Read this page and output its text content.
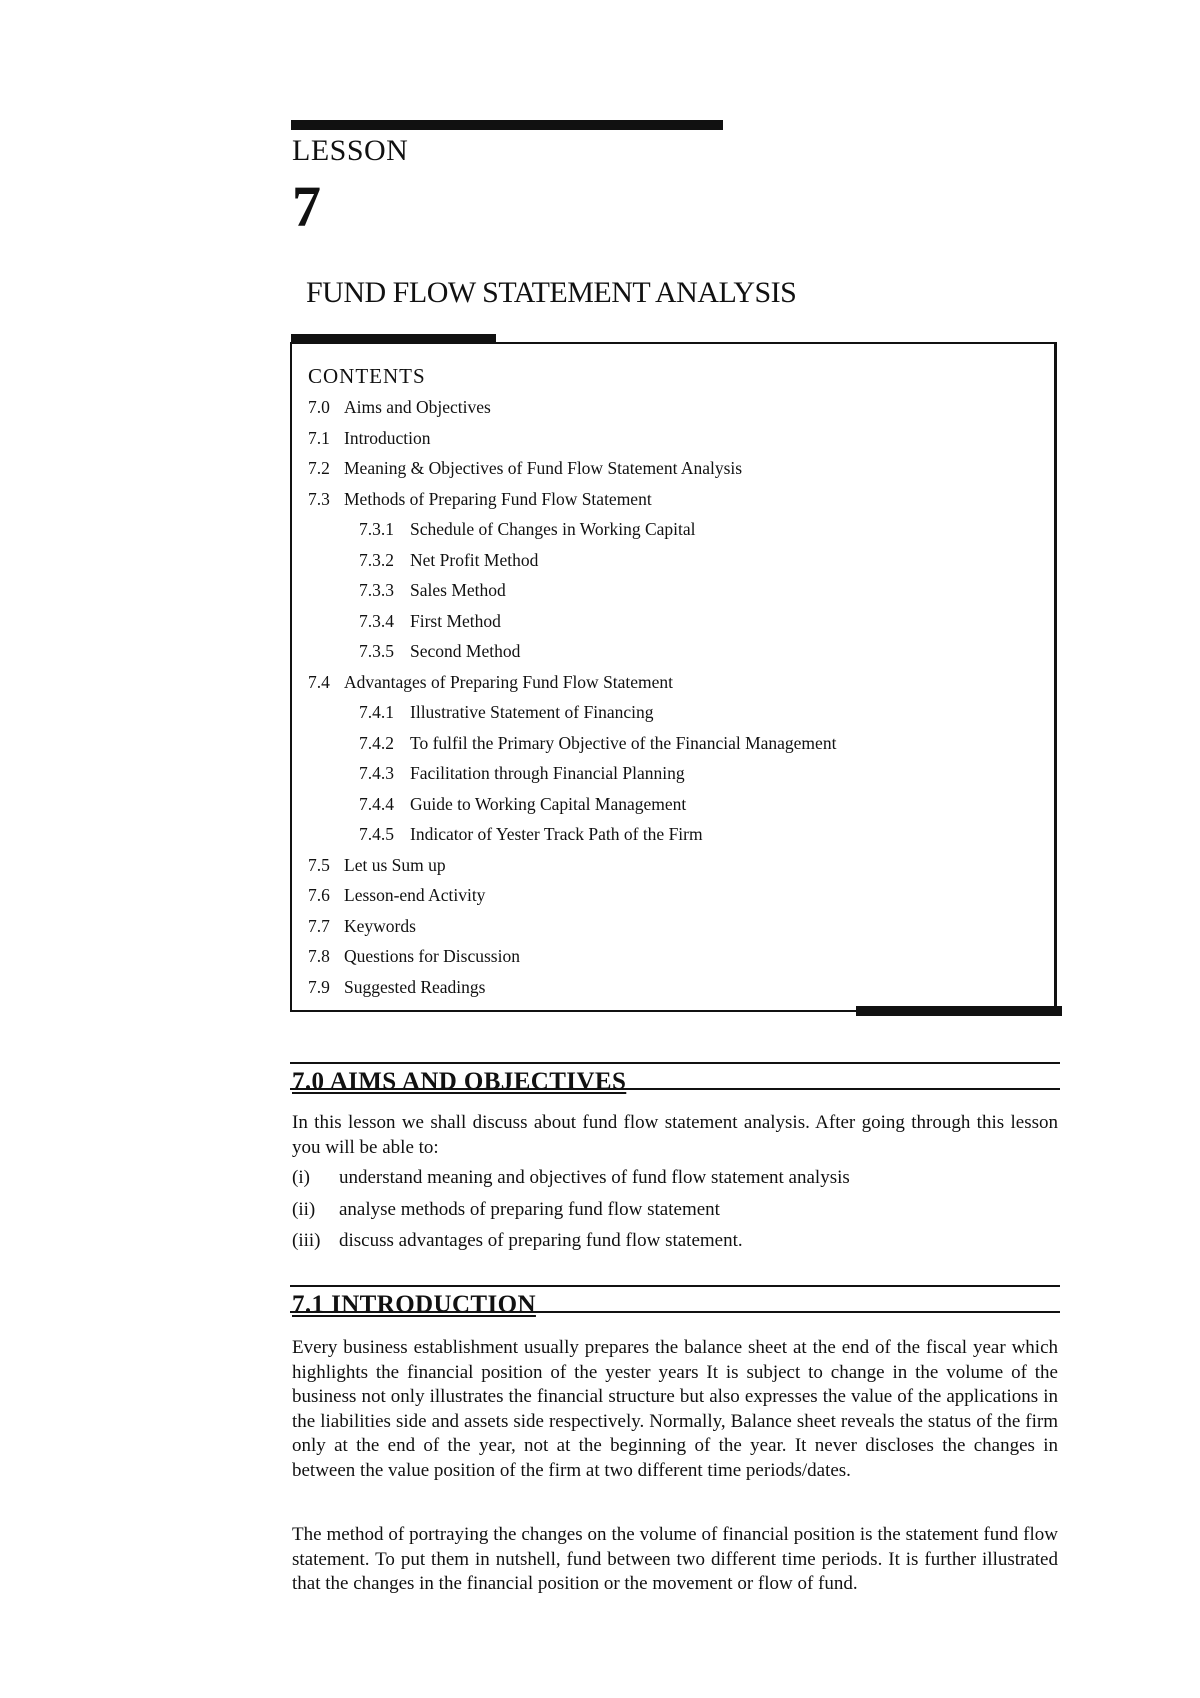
LESSON
7
FUND FLOW STATEMENT ANALYSIS
CONTENTS
7.0 Aims and Objectives
7.1 Introduction
7.2 Meaning & Objectives of Fund Flow Statement Analysis
7.3 Methods of Preparing Fund Flow Statement
7.3.1 Schedule of Changes in Working Capital
7.3.2 Net Profit Method
7.3.3 Sales Method
7.3.4 First Method
7.3.5 Second Method
7.4 Advantages of Preparing Fund Flow Statement
7.4.1 Illustrative Statement of Financing
7.4.2 To fulfil the Primary Objective of the Financial Management
7.4.3 Facilitation through Financial Planning
7.4.4 Guide to Working Capital Management
7.4.5 Indicator of Yester Track Path of the Firm
7.5 Let us Sum up
7.6 Lesson-end Activity
7.7 Keywords
7.8 Questions for Discussion
7.9 Suggested Readings
7.0 AIMS AND OBJECTIVES

In this lesson we shall discuss about fund flow statement analysis. After going through this lesson you will be able to:

(i) understand meaning and objectives of fund flow statement analysis
(ii) analyse methods of preparing fund flow statement
(iii) discuss advantages of preparing fund flow statement.
7.1 INTRODUCTION

Every business establishment usually prepares the balance sheet at the end of the fiscal year which highlights the financial position of the yester years It is subject to change in the volume of the business not only illustrates the financial structure but also expresses the value of the applications in the liabilities side and assets side respectively. Normally, Balance sheet reveals the status of the firm only at the end of the year, not at the beginning of the year. It never discloses the changes in between the value position of the firm at two different time periods/dates.

The method of portraying the changes on the volume of financial position is the statement fund flow statement. To put them in nutshell, fund between two different time periods. It is further illustrated that the changes in the financial position or the movement or flow of fund.
